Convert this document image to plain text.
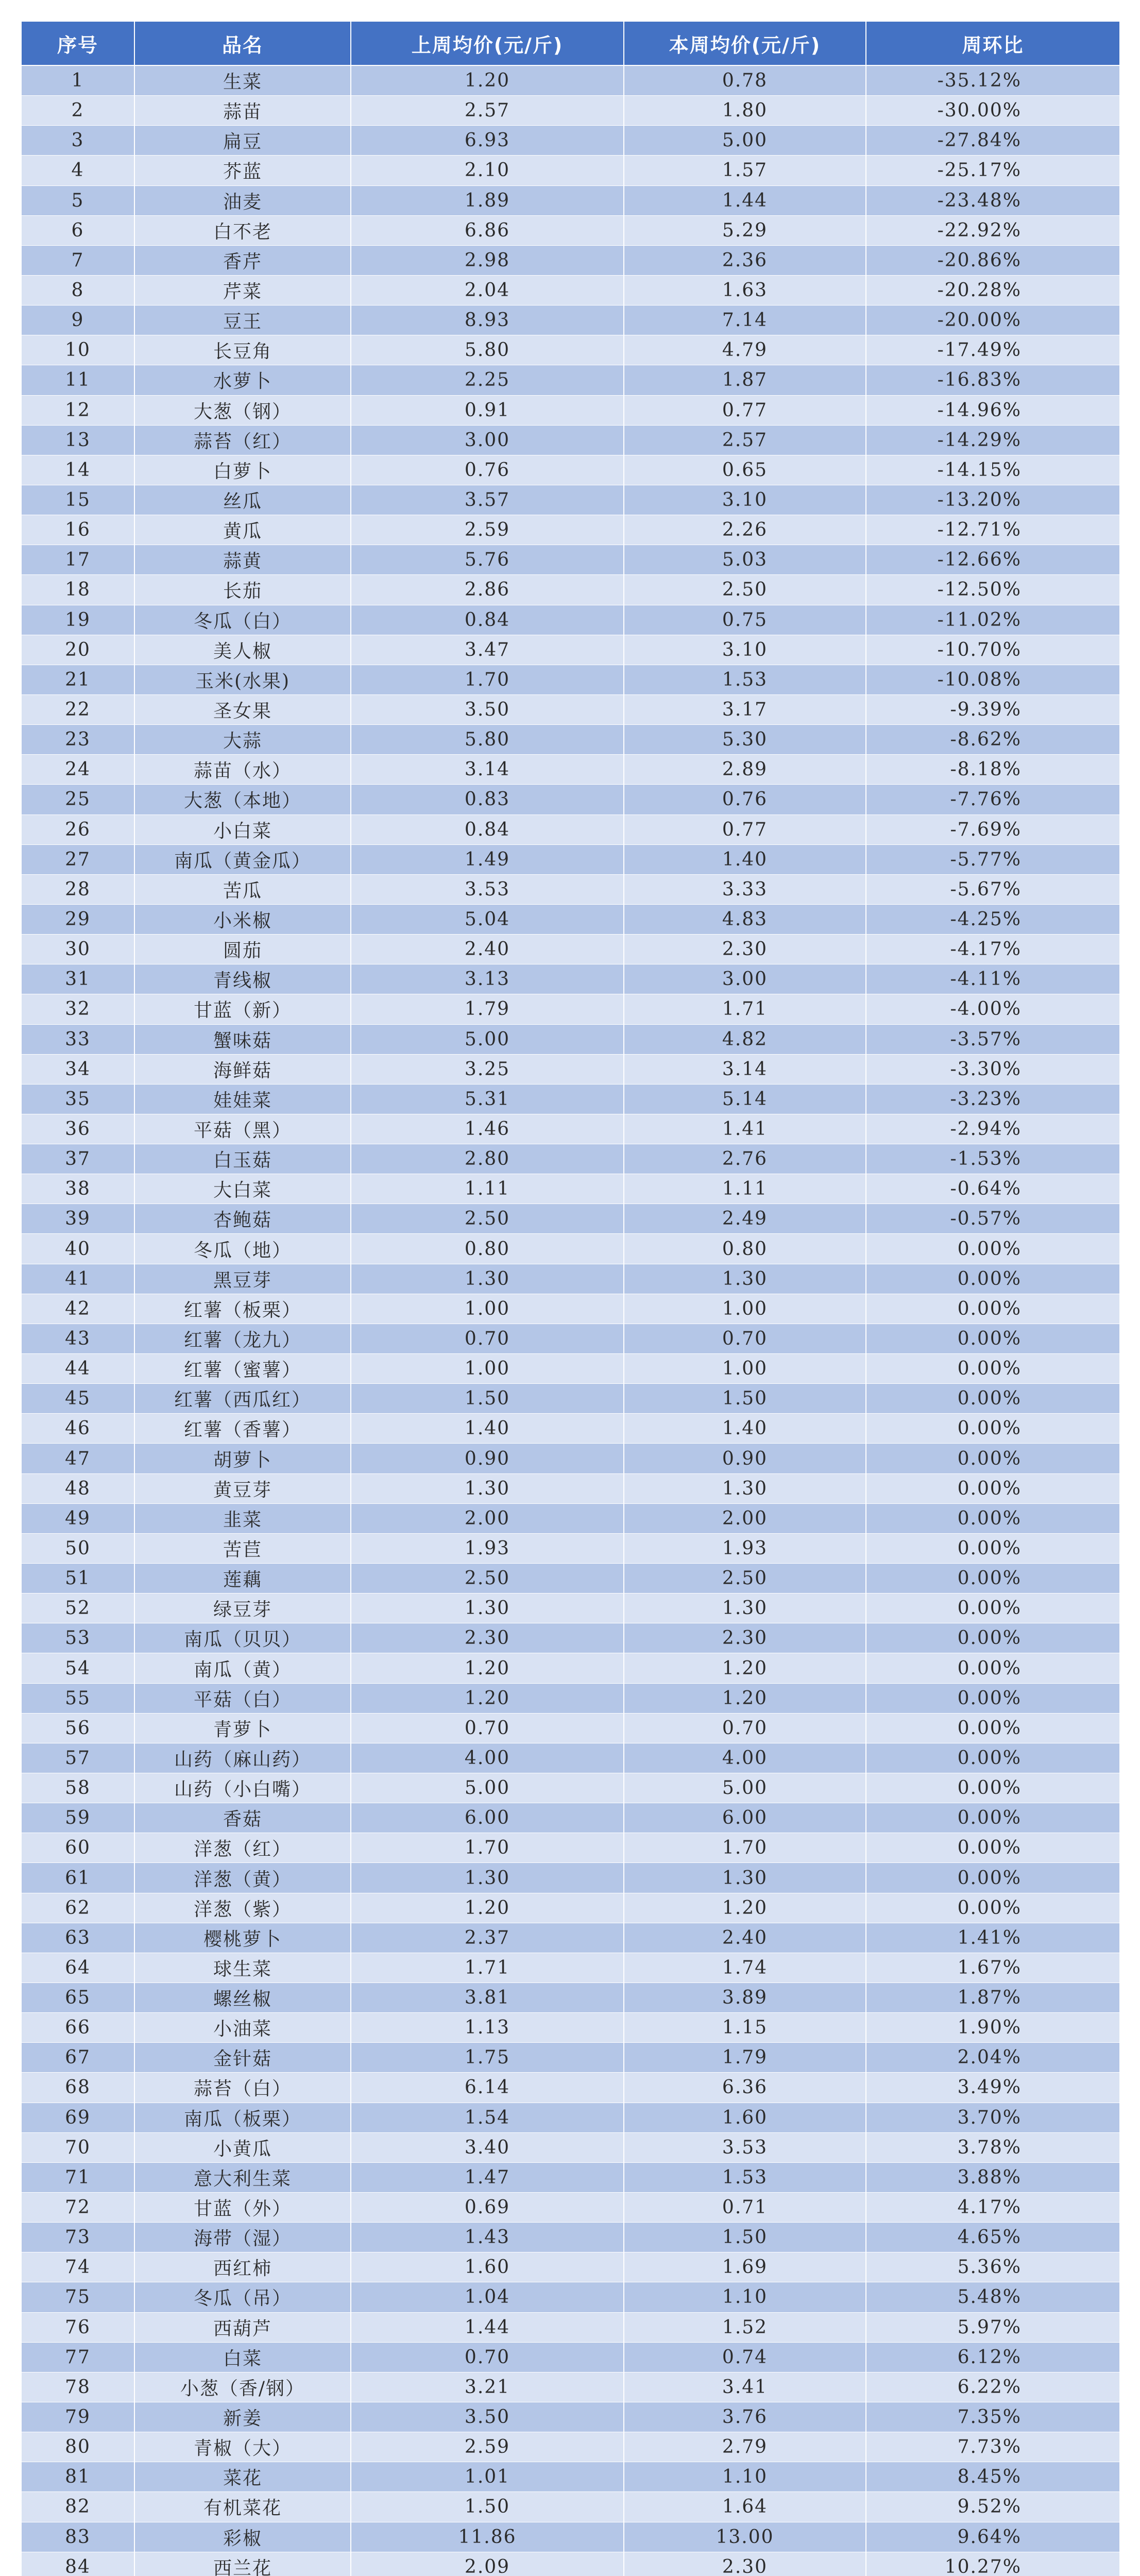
序号	品名	上周均价(元/斤)	本周均价(元/斤)	周环比
1	生菜	1.20	0.78	-35.12%
2	蒜苗	2.57	1.80	-30.00%
3	扁豆	6.93	5.00	-27.84%
4	芥蓝	2.10	1.57	-25.17%
5	油麦	1.89	1.44	-23.48%
6	白不老	6.86	5.29	-22.92%
7	香芹	2.98	2.36	-20.86%
8	芹菜	2.04	1.63	-20.28%
9	豆王	8.93	7.14	-20.00%
10	长豆角	5.80	4.79	-17.49%
11	水萝卜	2.25	1.87	-16.83%
12	大葱（钢）	0.91	0.77	-14.96%
13	蒜苔（红）	3.00	2.57	-14.29%
14	白萝卜	0.76	0.65	-14.15%
15	丝瓜	3.57	3.10	-13.20%
16	黄瓜	2.59	2.26	-12.71%
17	蒜黄	5.76	5.03	-12.66%
18	长茄	2.86	2.50	-12.50%
19	冬瓜（白）	0.84	0.75	-11.02%
20	美人椒	3.47	3.10	-10.70%
21	玉米(水果)	1.70	1.53	-10.08%
22	圣女果	3.50	3.17	-9.39%
23	大蒜	5.80	5.30	-8.62%
24	蒜苗（水）	3.14	2.89	-8.18%
25	大葱（本地）	0.83	0.76	-7.76%
26	小白菜	0.84	0.77	-7.69%
27	南瓜（黄金瓜）	1.49	1.40	-5.77%
28	苦瓜	3.53	3.33	-5.67%
29	小米椒	5.04	4.83	-4.25%
30	圆茄	2.40	2.30	-4.17%
31	青线椒	3.13	3.00	-4.11%
32	甘蓝（新）	1.79	1.71	-4.00%
33	蟹味菇	5.00	4.82	-3.57%
34	海鲜菇	3.25	3.14	-3.30%
35	娃娃菜	5.31	5.14	-3.23%
36	平菇（黑）	1.46	1.41	-2.94%
37	白玉菇	2.80	2.76	-1.53%
38	大白菜	1.11	1.11	-0.64%
39	杏鲍菇	2.50	2.49	-0.57%
40	冬瓜（地）	0.80	0.80	0.00%
41	黑豆芽	1.30	1.30	0.00%
42	红薯（板栗）	1.00	1.00	0.00%
43	红薯（龙九）	0.70	0.70	0.00%
44	红薯（蜜薯）	1.00	1.00	0.00%
45	红薯（西瓜红）	1.50	1.50	0.00%
46	红薯（香薯）	1.40	1.40	0.00%
47	胡萝卜	0.90	0.90	0.00%
48	黄豆芽	1.30	1.30	0.00%
49	韭菜	2.00	2.00	0.00%
50	苦苣	1.93	1.93	0.00%
51	莲藕	2.50	2.50	0.00%
52	绿豆芽	1.30	1.30	0.00%
53	南瓜（贝贝）	2.30	2.30	0.00%
54	南瓜（黄）	1.20	1.20	0.00%
55	平菇（白）	1.20	1.20	0.00%
56	青萝卜	0.70	0.70	0.00%
57	山药（麻山药）	4.00	4.00	0.00%
58	山药（小白嘴）	5.00	5.00	0.00%
59	香菇	6.00	6.00	0.00%
60	洋葱（红）	1.70	1.70	0.00%
61	洋葱（黄）	1.30	1.30	0.00%
62	洋葱（紫）	1.20	1.20	0.00%
63	樱桃萝卜	2.37	2.40	1.41%
64	球生菜	1.71	1.74	1.67%
65	螺丝椒	3.81	3.89	1.87%
66	小油菜	1.13	1.15	1.90%
67	金针菇	1.75	1.79	2.04%
68	蒜苔（白）	6.14	6.36	3.49%
69	南瓜（板栗）	1.54	1.60	3.70%
70	小黄瓜	3.40	3.53	3.78%
71	意大利生菜	1.47	1.53	3.88%
72	甘蓝（外）	0.69	0.71	4.17%
73	海带（湿）	1.43	1.50	4.65%
74	西红柿	1.60	1.69	5.36%
75	冬瓜（吊）	1.04	1.10	5.48%
76	西葫芦	1.44	1.52	5.97%
77	白菜	0.70	0.74	6.12%
78	小葱（香/钢）	3.21	3.41	6.22%
79	新姜	3.50	3.76	7.35%
80	青椒（大）	2.59	2.79	7.73%
81	菜花	1.01	1.10	8.45%
82	有机菜花	1.50	1.64	9.52%
83	彩椒	11.86	13.00	9.64%
84	西兰花	2.09	2.30	10.27%
